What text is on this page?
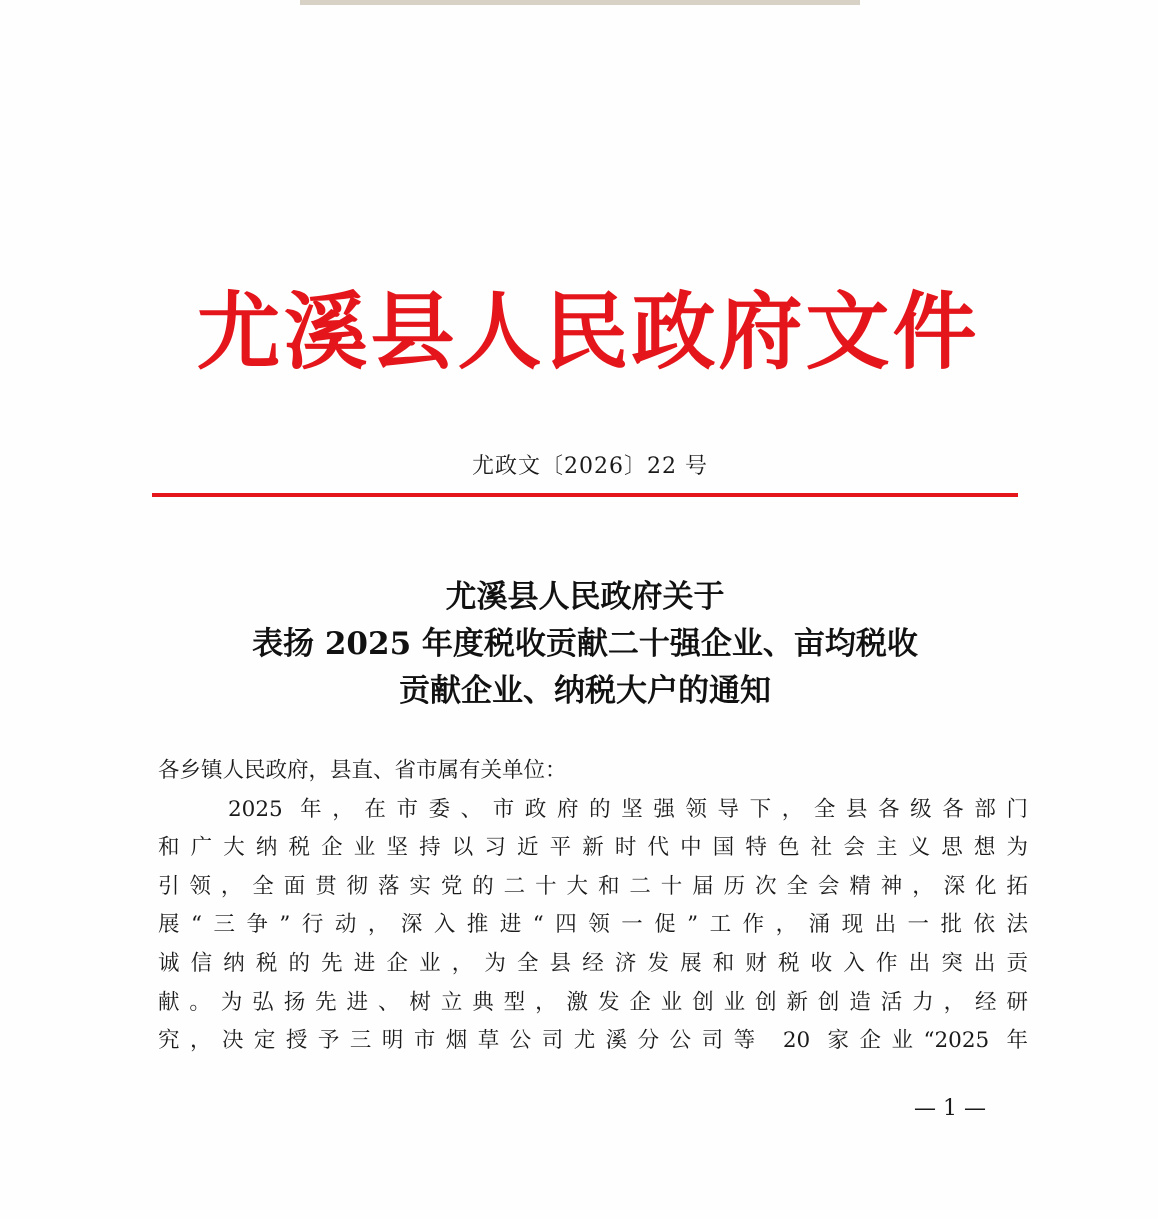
尤溪县人民政府文件
尤政文〔2026〕22 号
尤溪县人民政府关于
表扬 2025 年度税收贡献二十强企业、亩均税收
贡献企业、纳税大户的通知
各乡镇人民政府，县直、省市属有关单位：
2025 年，在市委、市政府的坚强领导下，全县各级各部门
和广大纳税企业坚持以习近平新时代中国特色社会主义思想为
引领，全面贯彻落实党的二十大和二十届历次全会精神，深化拓
展“三争”行动，深入推进“四领一促”工作，涌现出一批依法
诚信纳税的先进企业，为全县经济发展和财税收入作出突出贡
献。为弘扬先进、树立典型，激发企业创业创新创造活力，经研
究，决定授予三明市烟草公司尤溪分公司等 20 家企业“2025 年
— 1 —
